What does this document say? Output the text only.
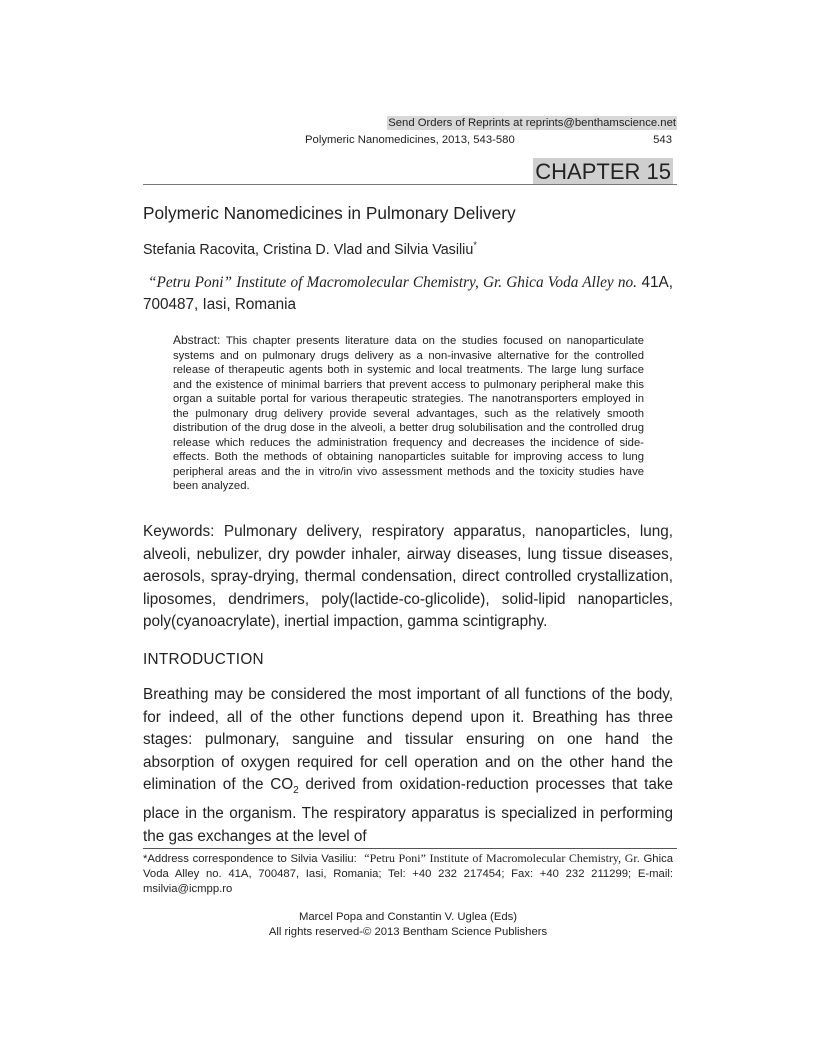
Send Orders of Reprints at reprints@benthamscience.net
Polymeric Nanomedicines, 2013, 543-580	543
CHAPTER 15
Polymeric Nanomedicines in Pulmonary Delivery
Stefania Racovita, Cristina D. Vlad and Silvia Vasiliu*
“Petru Poni” Institute of Macromolecular Chemistry, Gr. Ghica Voda Alley no. 41A, 700487, Iasi, Romania
Abstract: This chapter presents literature data on the studies focused on nanoparticulate systems and on pulmonary drugs delivery as a non-invasive alternative for the controlled release of therapeutic agents both in systemic and local treatments. The large lung surface and the existence of minimal barriers that prevent access to pulmonary peripheral make this organ a suitable portal for various therapeutic strategies. The nanotransporters employed in the pulmonary drug delivery provide several advantages, such as the relatively smooth distribution of the drug dose in the alveoli, a better drug solubilisation and the controlled drug release which reduces the administration frequency and decreases the incidence of side-effects. Both the methods of obtaining nanoparticles suitable for improving access to lung peripheral areas and the in vitro/in vivo assessment methods and the toxicity studies have been analyzed.
Keywords: Pulmonary delivery, respiratory apparatus, nanoparticles, lung, alveoli, nebulizer, dry powder inhaler, airway diseases, lung tissue diseases, aerosols, spray-drying, thermal condensation, direct controlled crystallization, liposomes, dendrimers, poly(lactide-co-glicolide), solid-lipid nanoparticles, poly(cyanoacrylate), inertial impaction, gamma scintigraphy.
INTRODUCTION
Breathing may be considered the most important of all functions of the body, for indeed, all of the other functions depend upon it. Breathing has three stages: pulmonary, sanguine and tissular ensuring on one hand the absorption of oxygen required for cell operation and on the other hand the elimination of the $CO_2$ derived from oxidation-reduction processes that take place in the organism. The respiratory apparatus is specialized in performing the gas exchanges at the level of
*Address correspondence to Silvia Vasiliu: “Petru Poni” Institute of Macromolecular Chemistry, Gr. Ghica Voda Alley no. 41A, 700487, Iasi, Romania; Tel: +40 232 217454; Fax: +40 232 211299; E-mail: msilvia@icmpp.ro
Marcel Popa and Constantin V. Uglea (Eds)
All rights reserved-© 2013 Bentham Science Publishers
